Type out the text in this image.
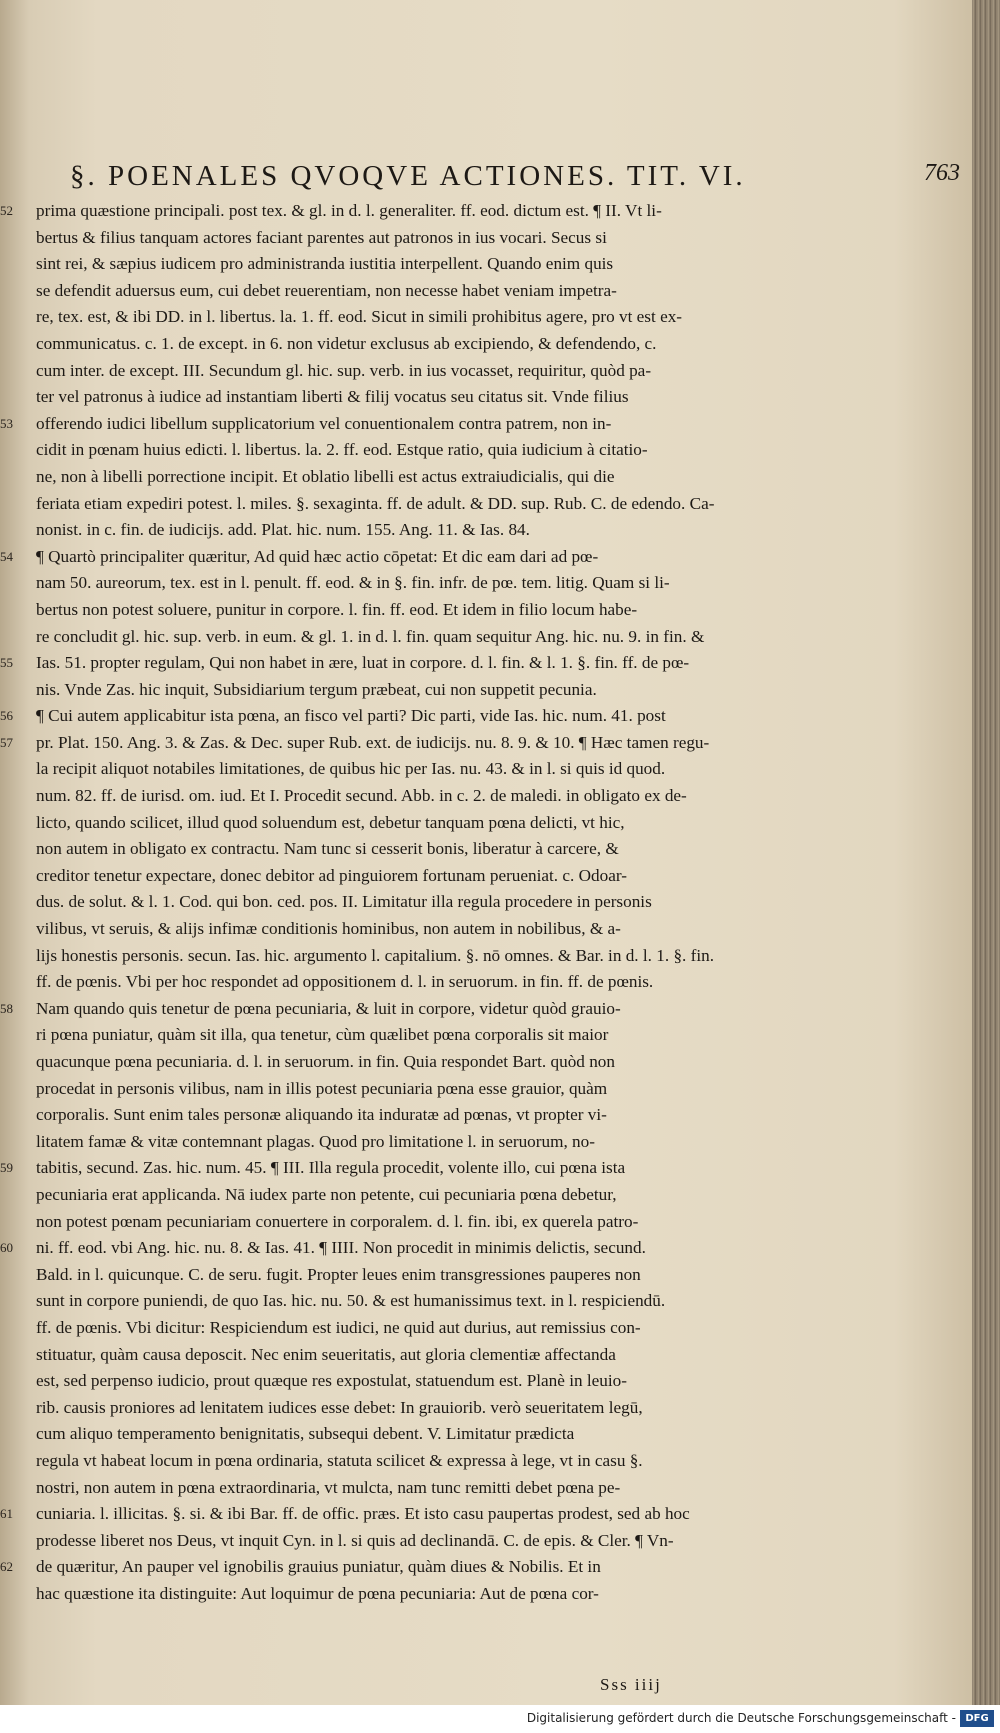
§. POENALES QVOQVE ACTIONES. TIT. VI.	763
52	prima quæstione principali. post tex. & gl. in d. l. generaliter. ff. eod. dictum est. ¶ II. Vt li-
bertus & filius tanquam actores faciant parentes aut patronos in ius vocari. Secus si
sint rei, & sæpius iudicem pro administranda iustitia interpellent. Quando enim quis
se defendit aduersus eum, cui debet reuerentiam, non necesse habet veniam impetra-
re, tex. est, & ibi DD. in l. libertus. la. 1. ff. eod. Sicut in simili prohibitus agere, pro vt est ex-
communicatus. c. 1. de except. in 6. non videtur exclusus ab excipiendo, & defendendo, c.
cum inter. de except. III. Secundum gl. hic. sup. verb. in ius vocasset, requiritur, quòd pa-
ter vel patronus à iudice ad instantiam liberti & filij vocatus seu citatus sit. Vnde filius
53	offerendo iudici libellum supplicatorium vel conuentionalem contra patrem, non in-
cidit in pœnam huius edicti. l. libertus. la. 2. ff. eod. Estque ratio, quia iudicium à citatio-
ne, non à libelli porrectione incipit. Et oblatio libelli est actus extraiudicialis, qui die
feriata etiam expediri potest. l. miles. §. sexaginta. ff. de adult. & DD. sup. Rub. C. de edendo. Ca-
nonist. in c. fin. de iudicijs. add. Plat. hic. num. 155. Ang. 11. & Ias. 84.
54	¶ Quartò principaliter quæritur, Ad quid hæc actio cōpetat: Et dic eam dari ad pœ-
nam 50. aureorum, tex. est in l. penult. ff. eod. & in §. fin. infr. de pœ. tem. litig. Quam si li-
bertus non potest soluere, punitur in corpore. l. fin. ff. eod. Et idem in filio locum habe-
re concludit gl. hic. sup. verb. in eum. & gl. 1. in d. l. fin. quam sequitur Ang. hic. nu. 9. in fin. &
55	Ias. 51. propter regulam, Qui non habet in ære, luat in corpore. d. l. fin. & l. 1. §. fin. ff. de pœ-
nis. Vnde Zas. hic inquit, Subsidiarium tergum præbeat, cui non suppetit pecunia.
56	¶ Cui autem applicabitur ista pœna, an fisco vel parti? Dic parti, vide Ias. hic. num. 41. post
57	pr. Plat. 150. Ang. 3. & Zas. & Dec. super Rub. ext. de iudicijs. nu. 8. 9. & 10. ¶ Hæc tamen regu-
la recipit aliquot notabiles limitationes, de quibus hic per Ias. nu. 43. & in l. si quis id quod.
num. 82. ff. de iurisd. om. iud. Et I. Procedit secund. Abb. in c. 2. de maledi. in obligato ex de-
licto, quando scilicet, illud quod soluendum est, debetur tanquam pœna delicti, vt hic,
non autem in obligato ex contractu. Nam tunc si cesserit bonis, liberatur à carcere, &
creditor tenetur expectare, donec debitor ad pinguiorem fortunam perueniat. c. Odoar-
dus. de solut. & l. 1. Cod. qui bon. ced. pos. II. Limitatur illa regula procedere in personis
vilibus, vt seruis, & alijs infimæ conditionis hominibus, non autem in nobilibus, & a-
lijs honestis personis. secun. Ias. hic. argumento l. capitalium. §. nō omnes. & Bar. in d. l. 1. §. fin.
ff. de pœnis. Vbi per hoc respondet ad oppositionem d. l. in seruorum. in fin. ff. de pœnis.
58	Nam quando quis tenetur de pœna pecuniaria, & luit in corpore, videtur quòd grauio-
ri pœna puniatur, quàm sit illa, qua tenetur, cùm quælibet pœna corporalis sit maior
quacunque pœna pecuniaria. d. l. in seruorum. in fin. Quia respondet Bart. quòd non
procedat in personis vilibus, nam in illis potest pecuniaria pœna esse grauior, quàm
corporalis. Sunt enim tales personæ aliquando ita induratæ ad pœnas, vt propter vi-
litatem famæ & vitæ contemnant plagas. Quod pro limitatione l. in seruorum, no-
59	tabitis, secund. Zas. hic. num. 45. ¶ III. Illa regula procedit, volente illo, cui pœna ista
pecuniaria erat applicanda. Nā iudex parte non petente, cui pecuniaria pœna debetur,
non potest pœnam pecuniariam conuertere in corporalem. d. l. fin. ibi, ex querela patro-
60	ni. ff. eod. vbi Ang. hic. nu. 8. & Ias. 41. ¶ IIII. Non procedit in minimis delictis, secund.
Bald. in l. quicunque. C. de seru. fugit. Propter leues enim transgressiones pauperes non
sunt in corpore puniendi, de quo Ias. hic. nu. 50. & est humanissimus text. in l. respiciendū.
ff. de pœnis. Vbi dicitur: Respiciendum est iudici, ne quid aut durius, aut remissius con-
stituatur, quàm causa deposcit. Nec enim seueritatis, aut gloria clementiæ affectanda
est, sed perpenso iudicio, prout quæque res expostulat, statuendum est. Planè in leuio-
rib. causis proniores ad lenitatem iudices esse debet: In grauiorib. verò seueritatem legū,
cum aliquo temperamento benignitatis, subsequi debent. V. Limitatur prædicta
regula vt habeat locum in pœna ordinaria, statuta scilicet & expressa à lege, vt in casu §.
nostri, non autem in pœna extraordinaria, vt mulcta, nam tunc remitti debet pœna pe-
61	cuniaria. l. illicitas. §. si. & ibi Bar. ff. de offic. præs. Et isto casu paupertas prodest, sed ab hoc
prodesse liberet nos Deus, vt inquit Cyn. in l. si quis ad declinandā. C. de epis. & Cler. ¶ Vn-
62	de quæritur, An pauper vel ignobilis grauius puniatur, quàm diues & Nobilis. Et in
hac quæstione ita distinguite: Aut loquimur de pœna pecuniaria: Aut de pœna cor-
Sss iiij
Digitalisierung gefördert durch die Deutsche Forschungsgemeinschaft - DFG
